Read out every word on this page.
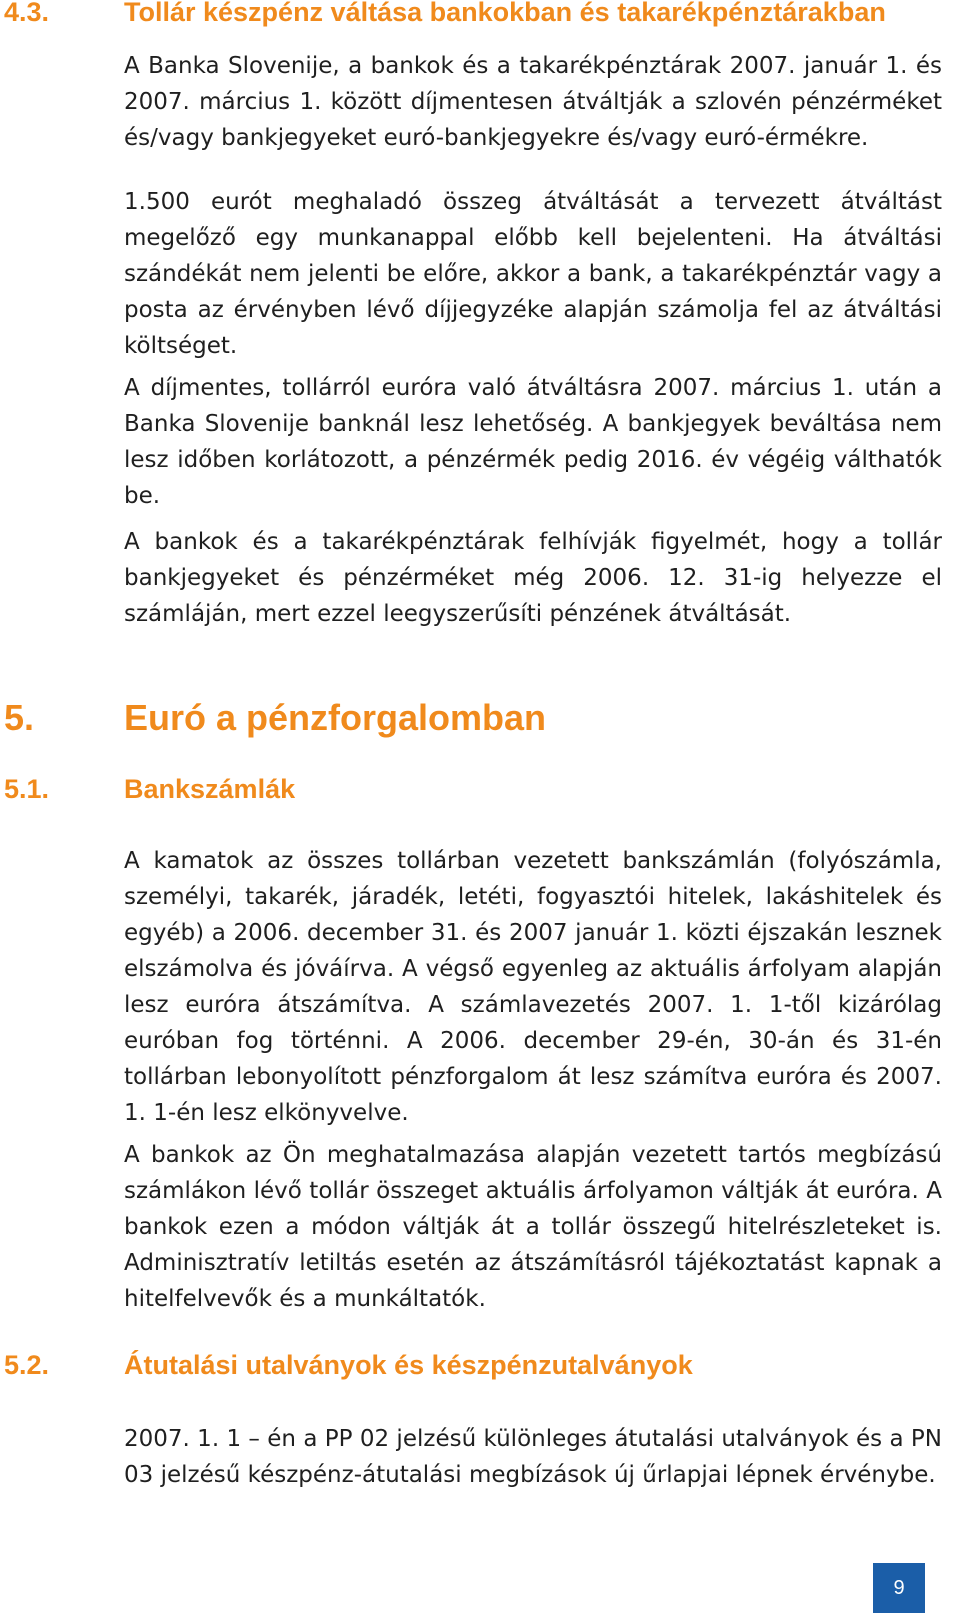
4.3.	Tollár készpénz váltása bankokban és takarékpénztárakban

A Banka Slovenije, a bankok és a takarékpénztárak 2007. január 1. és 2007. március 1. között díjmentesen átváltják a szlovén pénzérméket és/vagy bankjegyeket euró-bankjegyekre és/vagy euró-érmékre.

1.500 eurót meghaladó összeg átváltását a tervezett átváltást megelőző egy munkanappal előbb kell bejelenteni. Ha átváltási szándékát nem jelenti be előre, akkor a bank, a takarékpénztár vagy a posta az érvényben lévő díjjegyzéke alapján számolja fel az átváltási költséget.

A díjmentes, tollárról euróra való átváltásra 2007. március 1. után a Banka Slovenije banknál lesz lehetőség. A bankjegyek beváltása nem lesz időben korlátozott, a pénzérmék pedig 2016. év végéig válthatók be.

A bankok és a takarékpénztárak felhívják figyelmét, hogy a tollár bankjegyeket és pénzérméket még 2006. 12. 31-ig helyezze el számláján, mert ezzel leegyszerűsíti pénzének átváltását.

5. Euró a pénzforgalomban
5.1.	Bankszámlák

A kamatok az összes tollárban vezetett bankszámlán (folyószámla, személyi, takarék, járadék, letéti, fogyasztói hitelek, lakáshitelek és egyéb) a 2006. december 31. és 2007 január 1. közti éjszakán lesznek elszámolva és jóváírva. A végső egyenleg az aktuális árfolyam alapján lesz euróra átszámítva. A számlavezetés 2007. 1. 1-től kizárólag euróban fog történni. A 2006. december 29-én, 30-án és 31-én tollárban lebonyolított pénzforgalom át lesz számítva euróra és 2007. 1. 1-én lesz elkönyvelve.

A bankok az Ön meghatalmazása alapján vezetett tartós megbízású számlákon lévő tollár összeget aktuális árfolyamon váltják át euróra. A bankok ezen a módon váltják át a tollár összegű hitelrészleteket is. Adminisztratív letiltás esetén az átszámításról tájékoztatást kapnak a hitelfelvevők és a munkáltatók.

5.2.	Átutalási utalványok és készpénzutalványok

2007. 1. 1 – én a PP 02 jelzésű különleges átutalási utalványok és a PN 03 jelzésű készpénz-átutalási megbízások új űrlapjai lépnek érvénybe.

9
